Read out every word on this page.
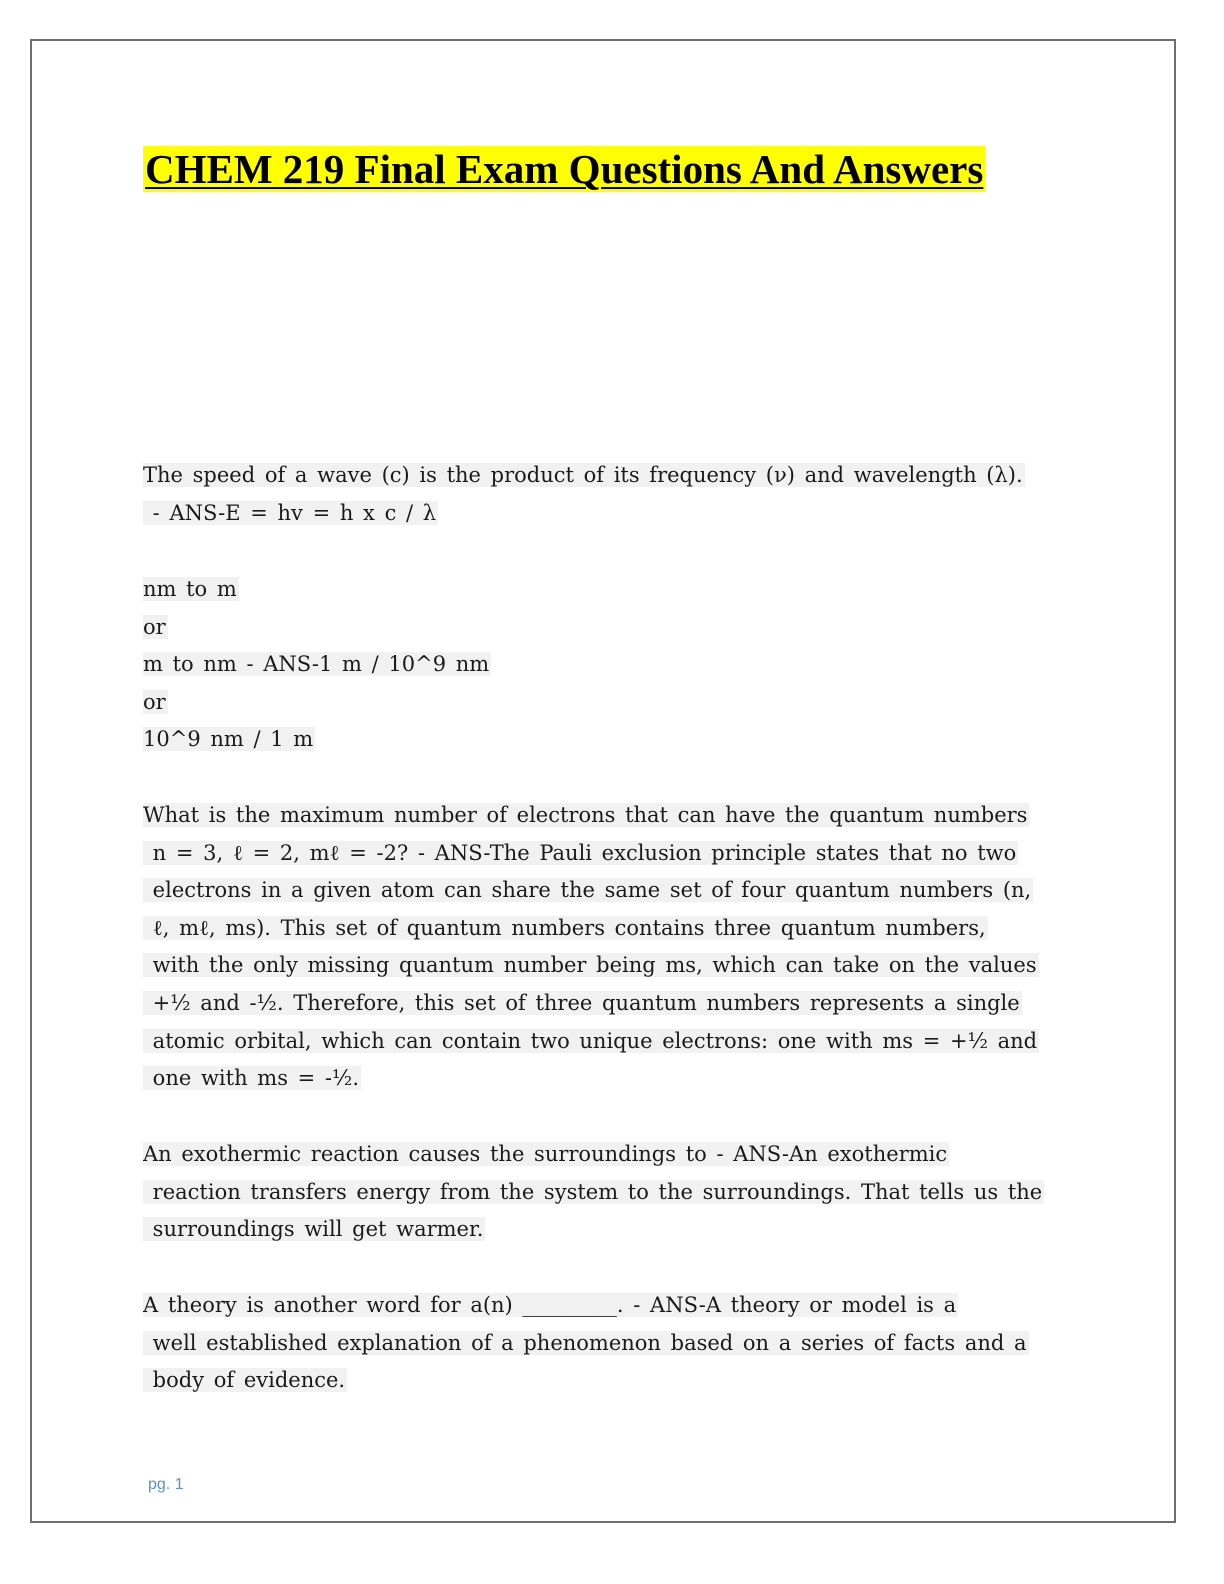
CHEM 219 Final Exam Questions And Answers
The speed of a wave (c) is the product of its frequency (ν) and wavelength (λ).
- ANS-E = hv = h x c / λ
nm to m
or
m to nm - ANS-1 m / 10^9 nm
or
10^9 nm / 1 m
What is the maximum number of electrons that can have the quantum numbers
n = 3, ℓ = 2, mℓ = -2? - ANS-The Pauli exclusion principle states that no two
electrons in a given atom can share the same set of four quantum numbers (n,
ℓ, mℓ, ms). This set of quantum numbers contains three quantum numbers,
with the only missing quantum number being ms, which can take on the values
+½ and -½. Therefore, this set of three quantum numbers represents a single
atomic orbital, which can contain two unique electrons: one with ms = +½ and
one with ms = -½.
An exothermic reaction causes the surroundings to - ANS-An exothermic
reaction transfers energy from the system to the surroundings. That tells us the
surroundings will get warmer.
A theory is another word for a(n) _________. - ANS-A theory or model is a
well established explanation of a phenomenon based on a series of facts and a
body of evidence.

pg. 1
